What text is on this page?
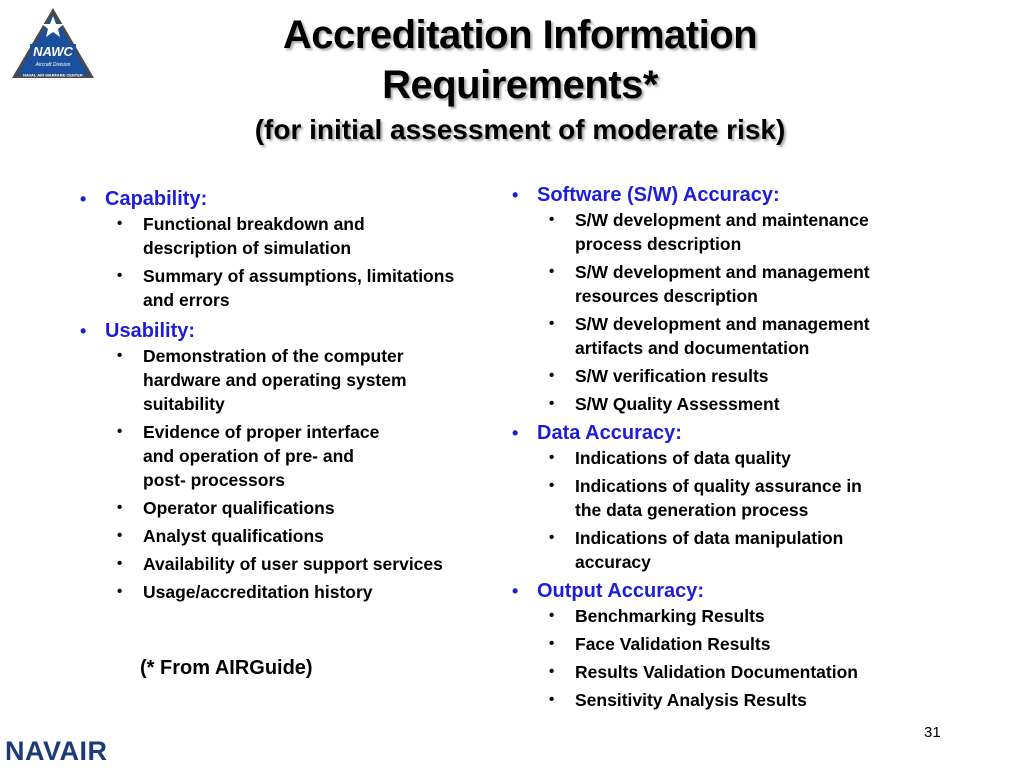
NAWC
Aircraft Division
NAVAL AIR WARFARE CENTER
Accreditation Information
Requirements*
(for initial assessment of moderate risk)
• Capability:
• Functional breakdown and
description of simulation
• Summary of assumptions, limitations
and errors
• Usability:
• Demonstration of the computer
hardware and operating system
suitability
• Evidence of proper interface
and operation of pre- and
post- processors
• Operator qualifications
• Analyst qualifications
• Availability of user support services
• Usage/accreditation history
• Software (S/W) Accuracy:
• S/W development and maintenance
process description
• S/W development and management
resources description
• S/W development and management
artifacts and documentation
• S/W verification results
• S/W Quality Assessment
• Data Accuracy:
• Indications of data quality
• Indications of quality assurance in
the data generation process
• Indications of data manipulation
accuracy
• Output Accuracy:
• Benchmarking Results
• Face Validation Results
• Results Validation Documentation
• Sensitivity Analysis Results
(* From AIRGuide)
31
NAVAIR
